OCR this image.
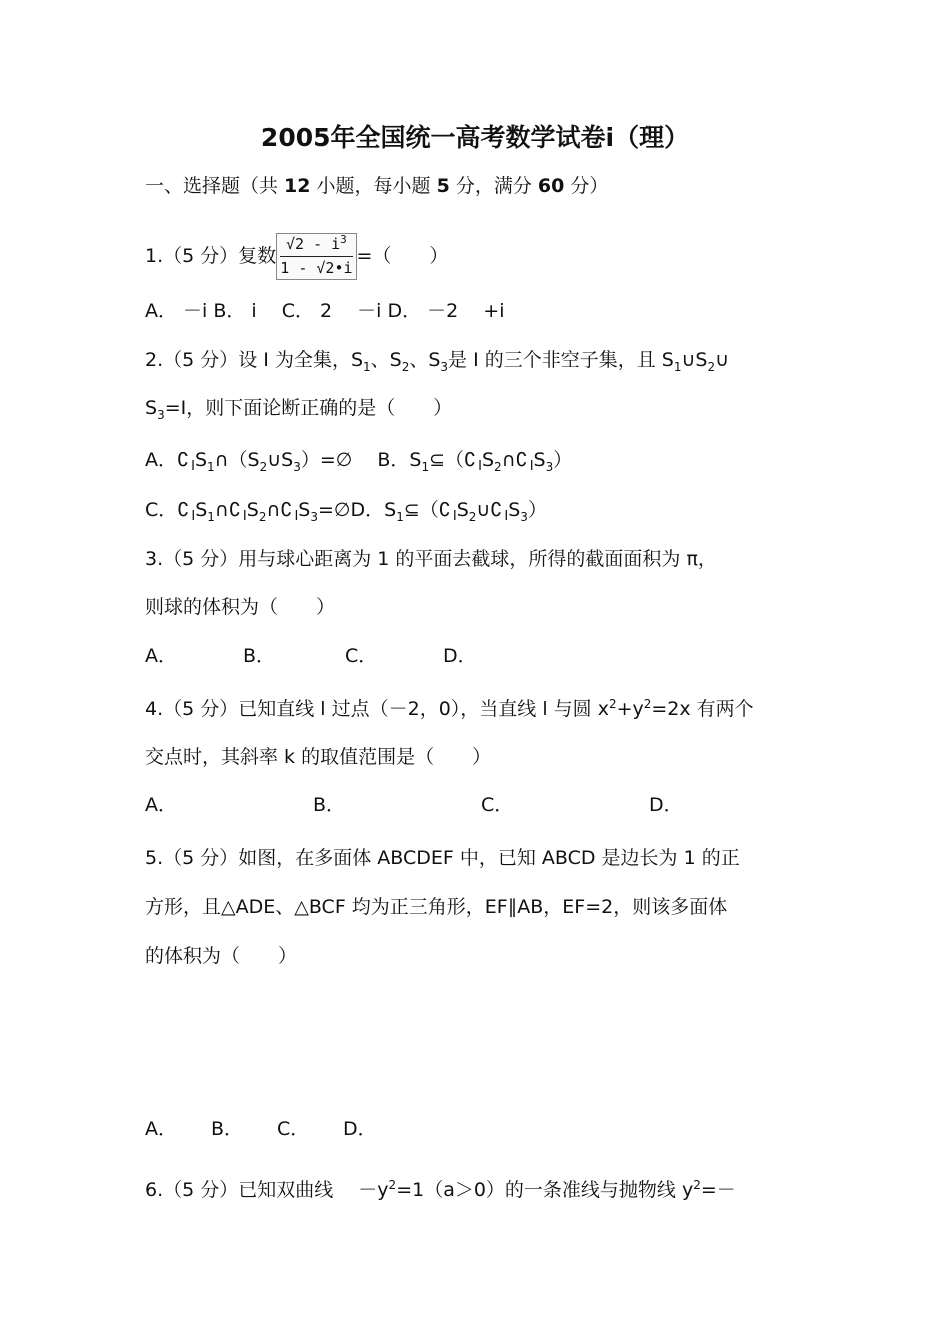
2005年全国统一高考数学试卷ⅰ（理）
一、选择题（共 12 小题，每小题 5 分，满分 60 分）
1.（5 分）复数 $\frac{√2 - i^3}{1 - √2•i}$ =（　　）
A． －i B． i　 C． 2　 －i D． －2　 +i
2.（5 分）设 I 为全集，$S_1$、$S_2$、$S_3$是 I 的三个非空子集，且 $S_1\cup S_2\cup$
$S_3=I$，则下面论断正确的是（　　）
A．∁ $_IS_1\cap(S_2\cup S_3)=\emptyset$　 B．$S_1⊆(∁$ $_IS_2\cap∁$ $_IS_3$）
C．∁ $_IS_1\cap∁$ $_IS_2\cap∁$ $_IS_3=\emptyset D$．$S_1⊆(∁$ $_IS_2\cup∁$ $_IS_3$）
3.（5 分）用与球心距离为 1 的平面去截球，所得的截面面积为 π，
则球的体积为（　　）
A．	B．	C．	D．
4.（5 分）已知直线 l 过点（－2，0），当直线 l 与圆 $x^2+y^2=2x$ 有两个
交点时，其斜率 k 的取值范围是（　　）
A．	B．	C．	D．
5.（5 分）如图，在多面体 ABCDEF 中，已知 ABCD 是边长为 1 的正
方形，且△ADE、△BCF 均为正三角形，EF∥AB，EF=2，则该多面体
的体积为（　　）
A． B． C． D．
6.（5 分）已知双曲线　 $-y^2=1(a>0)$的一条准线与抛物线 $y^2=-$
